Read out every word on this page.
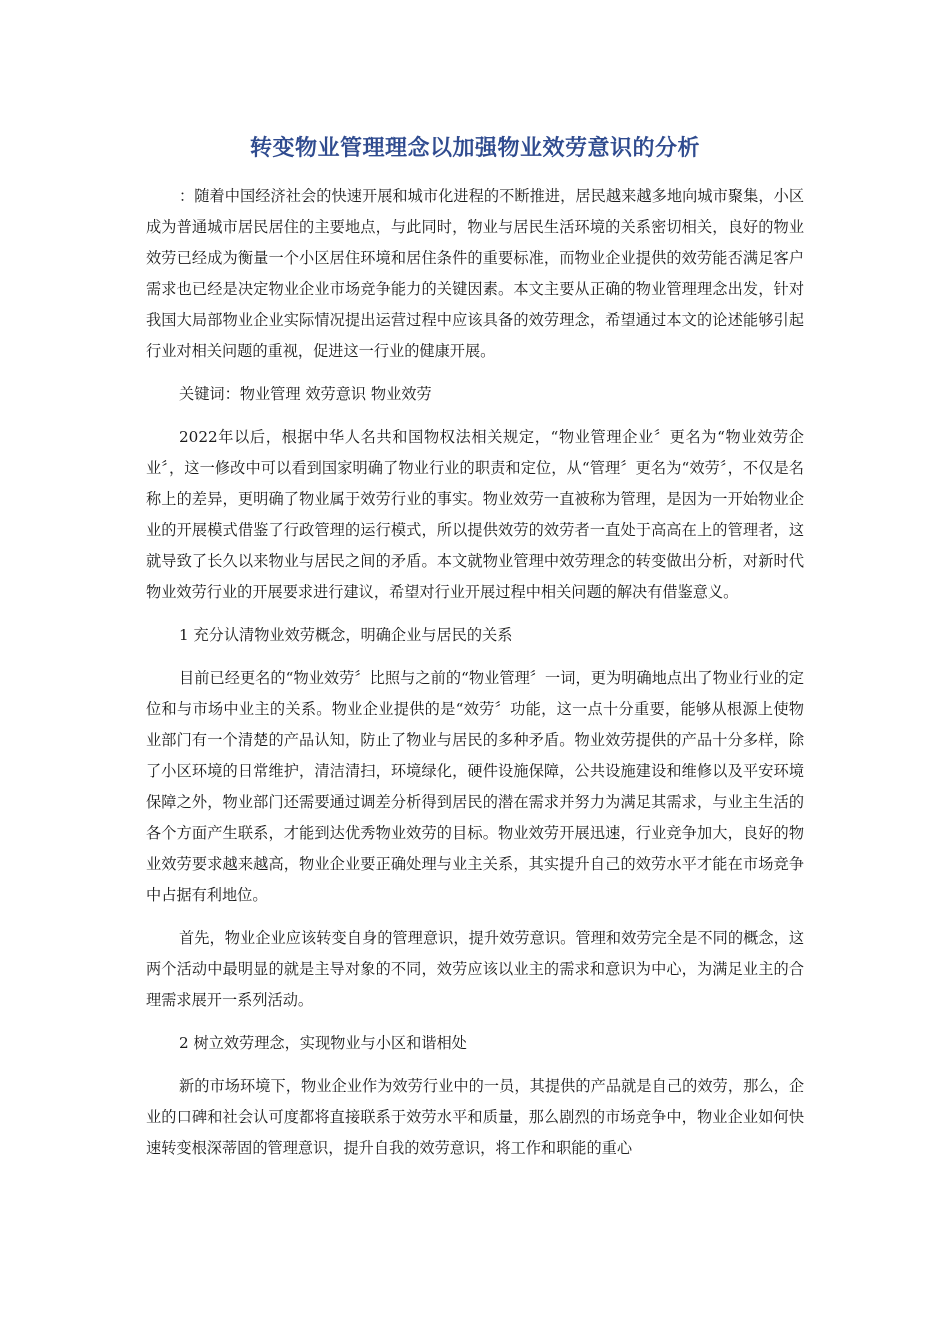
转变物业管理理念以加强物业效劳意识的分析

：随着中国经济社会的快速开展和城市化进程的不断推进，居民越来越多地向城市聚集，小区成为普通城市居民居住的主要地点，与此同时，物业与居民生活环境的关系密切相关，良好的物业效劳已经成为衡量一个小区居住环境和居住条件的重要标准，而物业企业提供的效劳能否满足客户需求也已经是决定物业企业市场竞争能力的关键因素。本文主要从正确的物业管理理念出发，针对我国大局部物业企业实际情况提出运营过程中应该具备的效劳理念，希望通过本文的论述能够引起行业对相关问题的重视，促进这一行业的健康开展。

关键词：物业管理 效劳意识 物业效劳

2022年以后，根据中华人名共和国物权法相关规定，“物业管理企业〞更名为“物业效劳企业〞，这一修改中可以看到国家明确了物业行业的职责和定位，从“管理〞更名为“效劳〞，不仅是名称上的差异，更明确了物业属于效劳行业的事实。物业效劳一直被称为管理，是因为一开始物业企业的开展模式借鉴了行政管理的运行模式，所以提供效劳的效劳者一直处于高高在上的管理者，这就导致了长久以来物业与居民之间的矛盾。本文就物业管理中效劳理念的转变做出分析，对新时代物业效劳行业的开展要求进行建议，希望对行业开展过程中相关问题的解决有借鉴意义。

1 充分认清物业效劳概念，明确企业与居民的关系

目前已经更名的“物业效劳〞比照与之前的“物业管理〞一词，更为明确地点出了物业行业的定位和与市场中业主的关系。物业企业提供的是“效劳〞功能，这一点十分重要，能够从根源上使物业部门有一个清楚的产品认知，防止了物业与居民的多种矛盾。物业效劳提供的产品十分多样，除了小区环境的日常维护，清洁清扫，环境绿化，硬件设施保障，公共设施建设和维修以及平安环境保障之外，物业部门还需要通过调差分析得到居民的潜在需求并努力为满足其需求，与业主生活的各个方面产生联系，才能到达优秀物业效劳的目标。物业效劳开展迅速，行业竞争加大，良好的物业效劳要求越来越高，物业企业要正确处理与业主关系，其实提升自己的效劳水平才能在市场竞争中占据有利地位。

首先，物业企业应该转变自身的管理意识，提升效劳意识。管理和效劳完全是不同的概念，这两个活动中最明显的就是主导对象的不同，效劳应该以业主的需求和意识为中心，为满足业主的合理需求展开一系列活动。

2 树立效劳理念，实现物业与小区和谐相处

新的市场环境下，物业企业作为效劳行业中的一员，其提供的产品就是自己的效劳，那么，企业的口碑和社会认可度都将直接联系于效劳水平和质量，那么剧烈的市场竞争中，物业企业如何快速转变根深蒂固的管理意识，提升自我的效劳意识，将工作和职能的重心
